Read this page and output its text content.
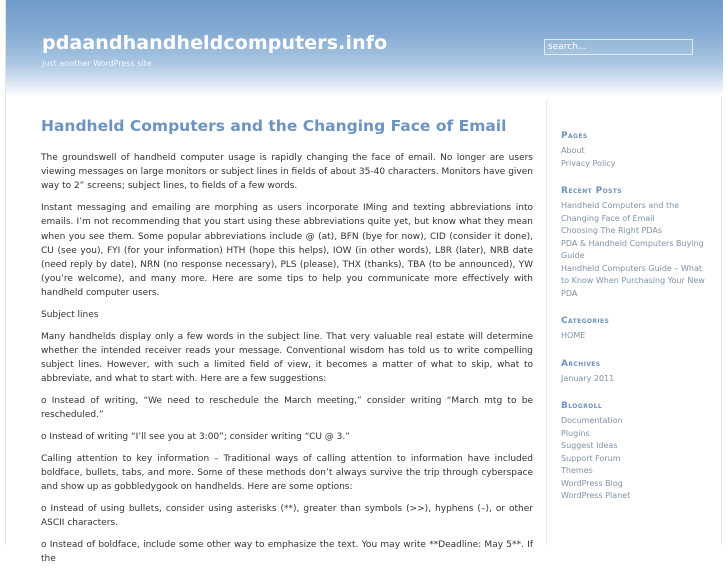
pdaandhandheldcomputers.info
Just another WordPress site
search...
Handheld Computers and the Changing Face of Email

The groundswell of handheld computer usage is rapidly changing the face of email. No longer are users viewing messages on large monitors or subject lines in fields of about 35-40 characters. Monitors have given way to 2” screens; subject lines, to fields of a few words.

Instant messaging and emailing are morphing as users incorporate IMing and texting abbreviations into emails. I’m not recommending that you start using these abbreviations quite yet, but know what they mean when you see them. Some popular abbreviations include @ (at), BFN (bye for now), CID (consider it done), CU (see you), FYI (for your information) HTH (hope this helps), IOW (in other words), L8R (later), NRB date (need reply by date), NRN (no response necessary), PLS (please), THX (thanks), TBA (to be announced), YW (you’re welcome), and many more. Here are some tips to help you communicate more effectively with handheld computer users.

Subject lines

Many handhelds display only a few words in the subject line. That very valuable real estate will determine whether the intended receiver reads your message. Conventional wisdom has told us to write compelling subject lines. However, with such a limited field of view, it becomes a matter of what to skip, what to abbreviate, and what to start with. Here are a few suggestions:

o Instead of writing, “We need to reschedule the March meeting,” consider writing “March mtg to be rescheduled.”

o Instead of writing “I’ll see you at 3:00”; consider writing “CU @ 3.”

Calling attention to key information – Traditional ways of calling attention to information have included boldface, bullets, tabs, and more. Some of these methods don’t always survive the trip through cyberspace and show up as gobbledygook on handhelds. Here are some options:

o Instead of using bullets, consider using asterisks (**), greater than symbols (>>), hyphens (–), or other ASCII characters.

o Instead of boldface, include some other way to emphasize the text. You may write **Deadline: May 5**. If the

Pages
About
Privacy Policy
Recent Posts
Handheld Computers and the Changing Face of Email
Choosing The Right PDAs
PDA & Handheld Computers Buying Guide
Handheld Computers Guide – What to Know When Purchasing Your New PDA
Categories
HOME
Archives
January 2011
Blogroll
Documentation
Plugins
Suggest Ideas
Support Forum
Themes
WordPress Blog
WordPress Planet
